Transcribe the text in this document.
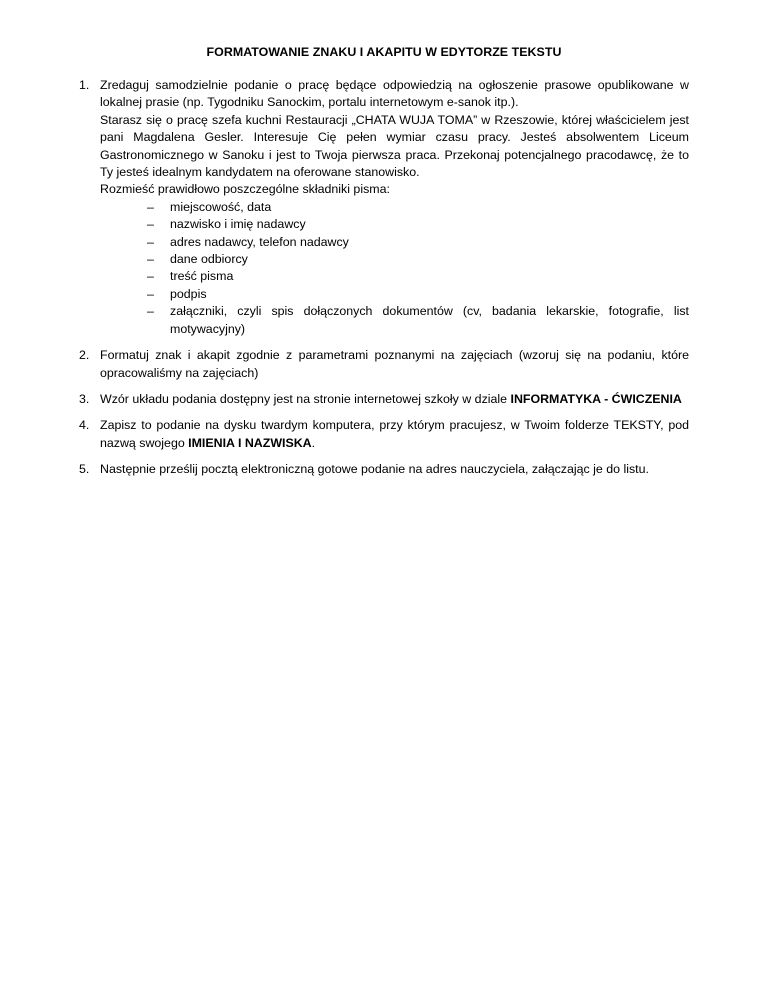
FORMATOWANIE ZNAKU I AKAPITU W EDYTORZE TEKSTU
1. Zredaguj samodzielnie podanie o pracę będące odpowiedzią na ogłoszenie prasowe opublikowane w lokalnej prasie (np. Tygodniku Sanockim, portalu internetowym e-sanok itp.).

Starasz się o pracę szefa kuchni Restauracji „CHATA WUJA TOMA” w Rzeszowie, której właścicielem jest pani Magdalena Gesler. Interesuje Cię pełen wymiar czasu pracy. Jesteś absolwentem Liceum Gastronomicznego w Sanoku i jest to Twoja pierwsza praca. Przekonaj potencjalnego pracodawcę, że to Ty jesteś idealnym kandydatem na oferowane stanowisko.

Rozmieść prawidłowo poszczególne składniki pisma:

– miejscowość, data
– nazwisko i imię nadawcy
– adres nadawcy, telefon nadawcy
– dane odbiorcy
– treść pisma
– podpis
– załączniki, czyli spis dołączonych dokumentów (cv, badania lekarskie, fotografie, list motywacyjny)
2. Formatuj znak i akapit zgodnie z parametrami poznanymi na zajęciach (wzoruj się na podaniu, które opracowaliśmy na zajęciach)

3. Wzór układu podania dostępny jest na stronie internetowej szkoły w dziale INFORMATYKA - ĆWICZENIA

4. Zapisz to podanie na dysku twardym komputera, przy którym pracujesz, w Twoim folderze TEKSTY, pod nazwą swojego IMIENIA I NAZWISKA.

5. Następnie prześlij pocztą elektroniczną gotowe podanie na adres nauczyciela, załączając je do listu.
